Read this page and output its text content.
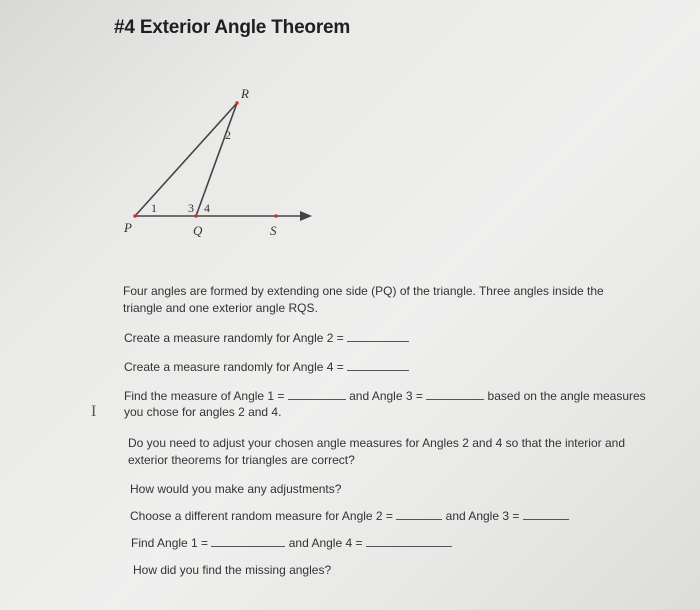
#4 Exterior Angle Theorem
R
P	Q	S
1
2
3 4
Four angles are formed by extending one side (PQ) of the triangle. Three angles inside the
triangle and one exterior angle RQS.
Create a measure randomly for Angle 2 =
Create a measure randomly for Angle 4 =
Find the measure of Angle 1 =	and Angle 3 =	based on the angle measures
you chose for angles 2 and 4.
I
Do you need to adjust your chosen angle measures for Angles 2 and 4 so that the interior and
exterior theorems for triangles are correct?
How would you make any adjustments?
Choose a different random measure for Angle 2 =	and Angle 3 =
Find Angle 1 =	and Angle 4 =
How did you find the missing angles?
